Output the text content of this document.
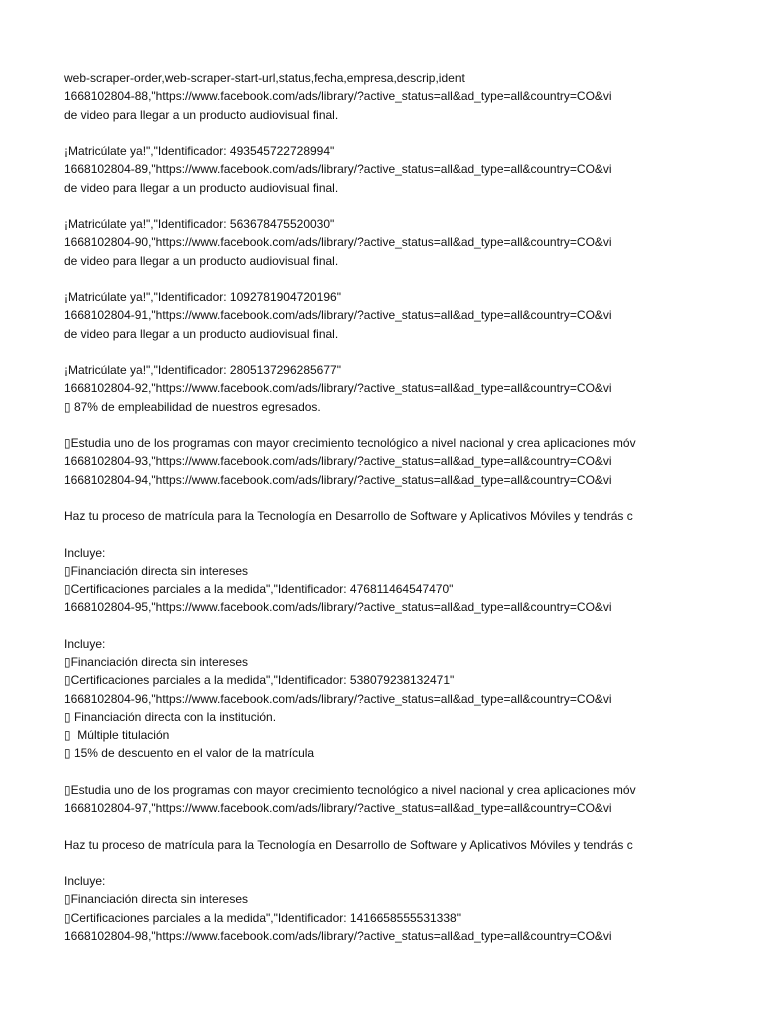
web-scraper-order,web-scraper-start-url,status,fecha,empresa,descrip,ident
1668102804-88,"https://www.facebook.com/ads/library/?active_status=all&ad_type=all&country=CO&vi
de video para llegar a un producto audiovisual final.
¡Matricúlate ya!","Identificador: 493545722728994"
1668102804-89,"https://www.facebook.com/ads/library/?active_status=all&ad_type=all&country=CO&vi
de video para llegar a un producto audiovisual final.
¡Matricúlate ya!","Identificador: 563678475520030"
1668102804-90,"https://www.facebook.com/ads/library/?active_status=all&ad_type=all&country=CO&vi
de video para llegar a un producto audiovisual final.
¡Matricúlate ya!","Identificador: 1092781904720196"
1668102804-91,"https://www.facebook.com/ads/library/?active_status=all&ad_type=all&country=CO&vi
de video para llegar a un producto audiovisual final.
¡Matricúlate ya!","Identificador: 2805137296285677"
1668102804-92,"https://www.facebook.com/ads/library/?active_status=all&ad_type=all&country=CO&vi
▯ 87% de empleabilidad de nuestros egresados.
▯Estudia uno de los programas con mayor crecimiento tecnológico a nivel nacional y crea aplicaciones móv
1668102804-93,"https://www.facebook.com/ads/library/?active_status=all&ad_type=all&country=CO&vi
1668102804-94,"https://www.facebook.com/ads/library/?active_status=all&ad_type=all&country=CO&vi
Haz tu proceso de matrícula para la Tecnología en Desarrollo de Software y Aplicativos Móviles y tendrás c
Incluye:
▯Financiación directa sin intereses
▯Certificaciones parciales a la medida","Identificador: 476811464547470"
1668102804-95,"https://www.facebook.com/ads/library/?active_status=all&ad_type=all&country=CO&vi
Incluye:
▯Financiación directa sin intereses
▯Certificaciones parciales a la medida","Identificador: 538079238132471"
1668102804-96,"https://www.facebook.com/ads/library/?active_status=all&ad_type=all&country=CO&vi
▯ Financiación directa con la institución.
▯  Múltiple titulación
▯ 15% de descuento en el valor de la matrícula
▯Estudia uno de los programas con mayor crecimiento tecnológico a nivel nacional y crea aplicaciones móv
1668102804-97,"https://www.facebook.com/ads/library/?active_status=all&ad_type=all&country=CO&vi
Haz tu proceso de matrícula para la Tecnología en Desarrollo de Software y Aplicativos Móviles y tendrás c
Incluye:
▯Financiación directa sin intereses
▯Certificaciones parciales a la medida","Identificador: 1416658555531338"
1668102804-98,"https://www.facebook.com/ads/library/?active_status=all&ad_type=all&country=CO&vi
